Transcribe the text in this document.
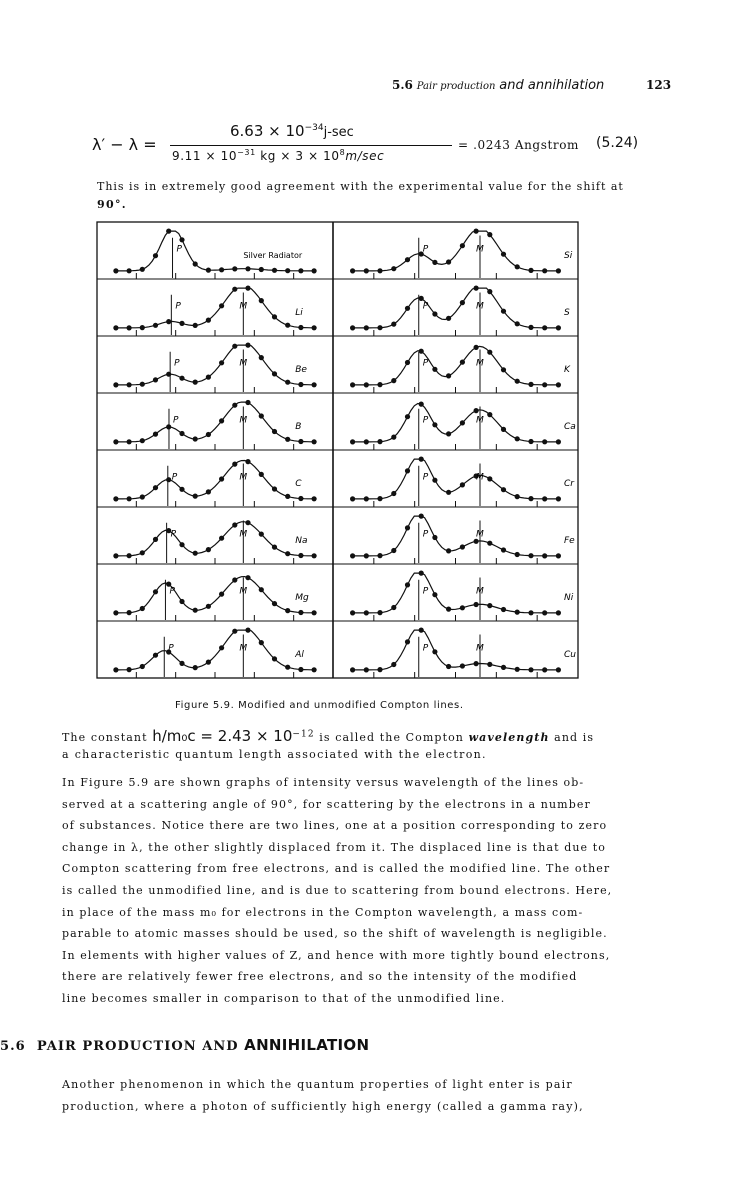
5.6 Pair production and annihilation	123
λ′ − λ =
$6.63 \times 10^{-34}j-\sec$
$9.11 \times 10^{-31}$ kg × $3 \times 10^8m/\sec$
= .0243 Angstrom (5.24)
This is in extremely good agreement with the experimental value for the shift at
90°.
P
Silver Radiator
P	M
Li
P	M
Be
P	M
B
P	M
C
P	M
Na
P	M
Mg
P	M
Al
P	M
Si
P	M
S
P	M
K
P	M
Ca
P	M
Cr
P	M
Fe
P	M
Ni
P	M
Cu
Figure 5.9. Modified and unmodified Compton lines.
The constant $h/m_0c = 2.43 \times 10^{-12}$ is called the Compton wavelength and is
a characteristic quantum length associated with the electron.
In Figure 5.9 are shown graphs of intensity versus wavelength of the lines ob-
served at a scattering angle of 90°, for scattering by the electrons in a number
of substances. Notice there are two lines, one at a position corresponding to zero
change in λ, the other slightly displaced from it. The displaced line is that due to
Compton scattering from free electrons, and is called the modified line. The other
is called the unmodified line, and is due to scattering from bound electrons. Here,
in place of the mass m₀ for electrons in the Compton wavelength, a mass com-
parable to atomic masses should be used, so the shift of wavelength is negligible.
In elements with higher values of Z, and hence with more tightly bound electrons,
there are relatively fewer free electrons, and so the intensity of the modified
line becomes smaller in comparison to that of the unmodified line.
5.6 PAIR PRODUCTION AND ANNIHILATION
Another phenomenon in which the quantum properties of light enter is pair
production, where a photon of sufficiently high energy (called a gamma ray),
